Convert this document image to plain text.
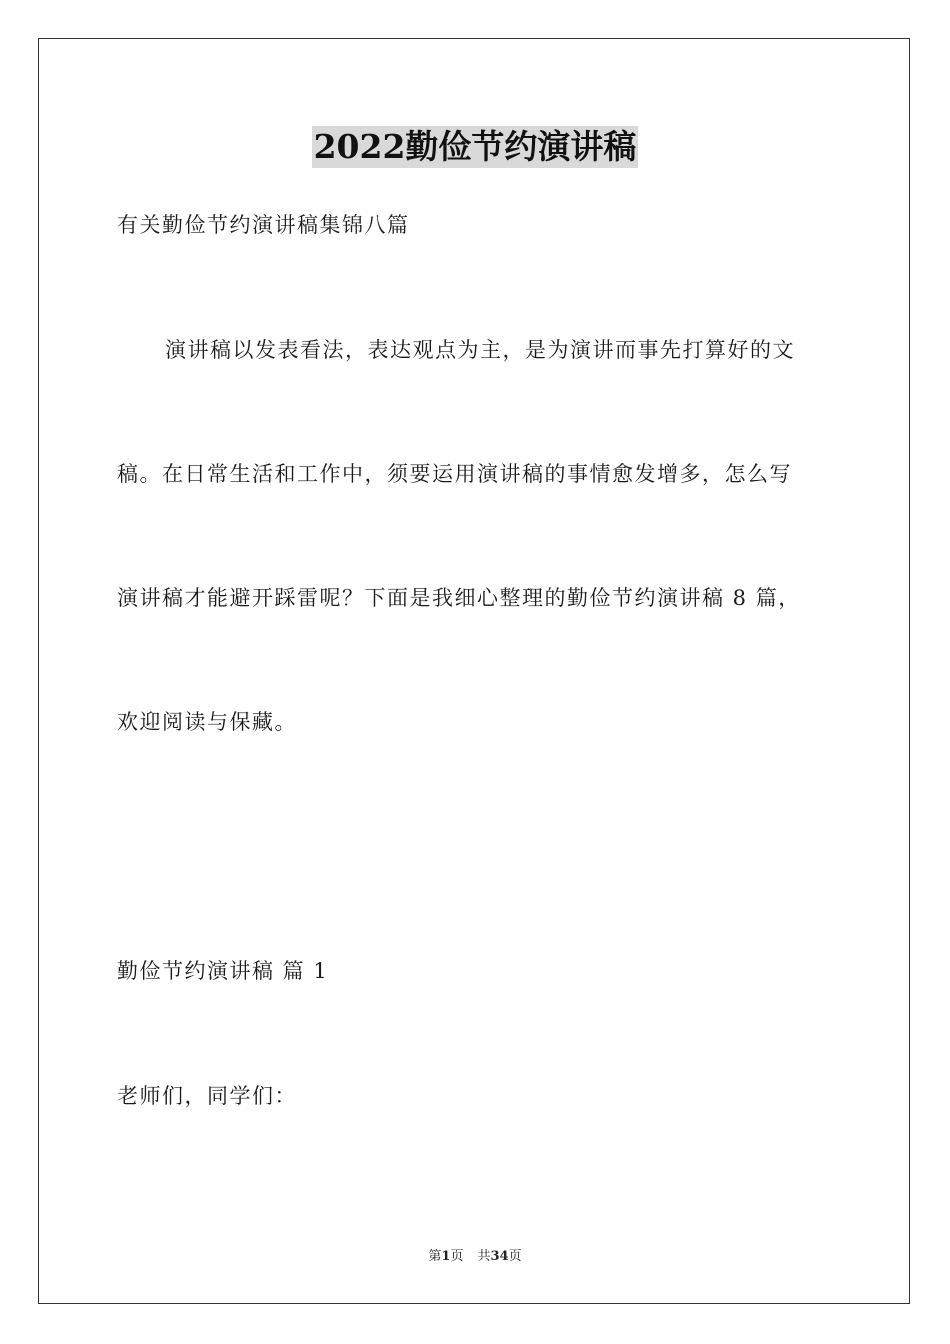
2022勤俭节约演讲稿
有关勤俭节约演讲稿集锦八篇
演讲稿以发表看法，表达观点为主，是为演讲而事先打算好的文
稿。在日常生活和工作中，须要运用演讲稿的事情愈发增多，怎么写
演讲稿才能避开踩雷呢？下面是我细心整理的勤俭节约演讲稿 8 篇，
欢迎阅读与保藏。
勤俭节约演讲稿 篇 1
老师们，同学们：
第1页 共34页
